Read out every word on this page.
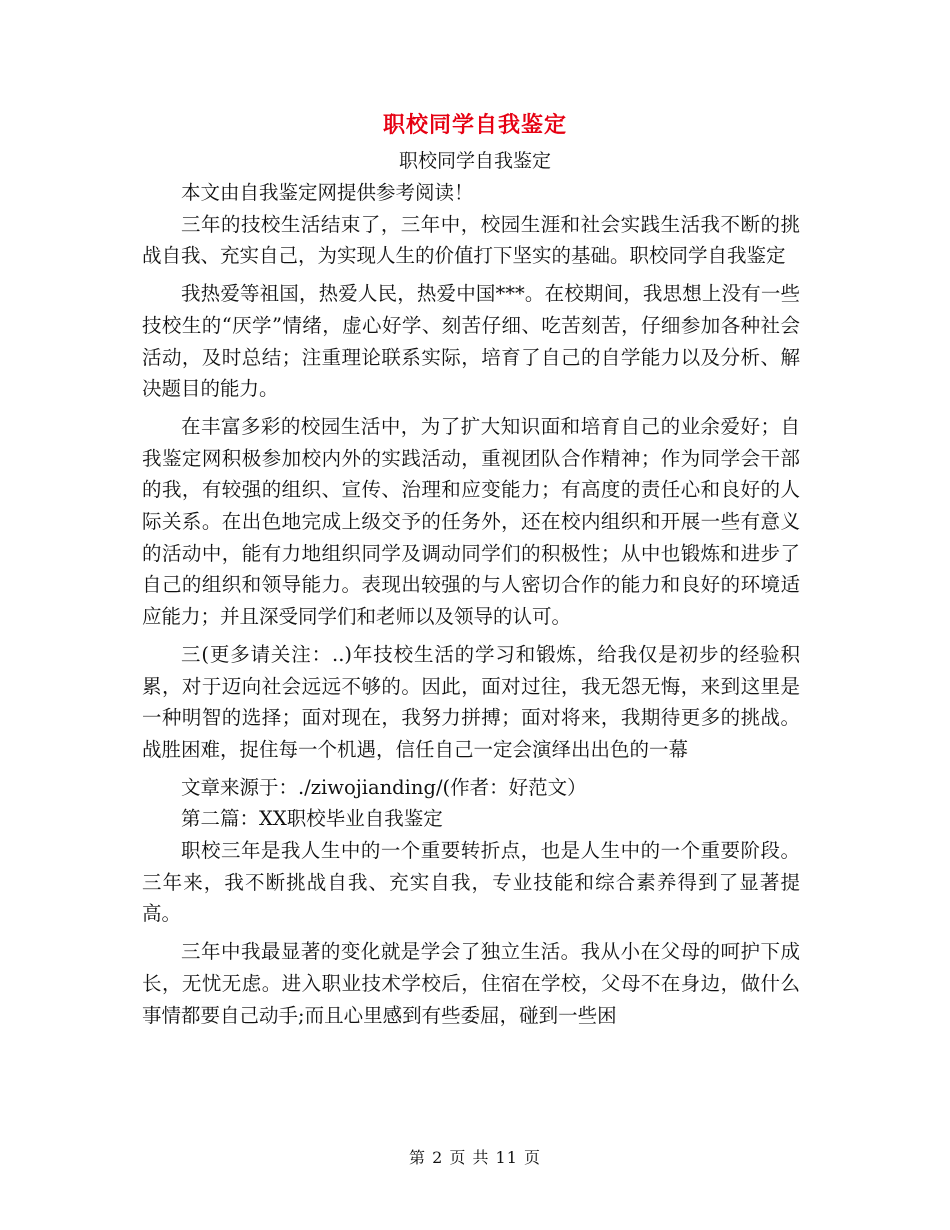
职校同学自我鉴定
职校同学自我鉴定

本文由自我鉴定网提供参考阅读！

三年的技校生活结束了，三年中，校园生涯和社会实践生活我不断的挑战自我、充实自己，为实现人生的价值打下坚实的基础。职校同学自我鉴定

我热爱等祖国，热爱人民，热爱中国***。在校期间，我思想上没有一些技校生的“厌学”情绪，虚心好学、刻苦仔细、吃苦刻苦，仔细参加各种社会活动，及时总结；注重理论联系实际，培育了自己的自学能力以及分析、解决题目的能力。

在丰富多彩的校园生活中，为了扩大知识面和培育自己的业余爱好；自我鉴定网积极参加校内外的实践活动，重视团队合作精神；作为同学会干部的我，有较强的组织、宣传、治理和应变能力；有高度的责任心和良好的人际关系。在出色地完成上级交予的任务外，还在校内组织和开展一些有意义的活动中，能有力地组织同学及调动同学们的积极性；从中也锻炼和进步了自己的组织和领导能力。表现出较强的与人密切合作的能力和良好的环境适应能力；并且深受同学们和老师以及领导的认可。

三(更多请关注：..)年技校生活的学习和锻炼，给我仅是初步的经验积累，对于迈向社会远远不够的。因此，面对过往，我无怨无悔，来到这里是一种明智的选择；面对现在，我努力拼搏；面对将来，我期待更多的挑战。战胜困难，捉住每一个机遇，信任自己一定会演绎出出色的一幕

文章来源于：./ziwojianding/(作者：好范文）

第二篇：XX职校毕业自我鉴定

职校三年是我人生中的一个重要转折点，也是人生中的一个重要阶段。三年来，我不断挑战自我、充实自我，专业技能和综合素养得到了显著提高。

三年中我最显著的变化就是学会了独立生活。我从小在父母的呵护下成长，无忧无虑。进入职业技术学校后，住宿在学校，父母不在身边，做什么事情都要自己动手;而且心里感到有些委屈，碰到一些困

第 2 页 共 11 页
